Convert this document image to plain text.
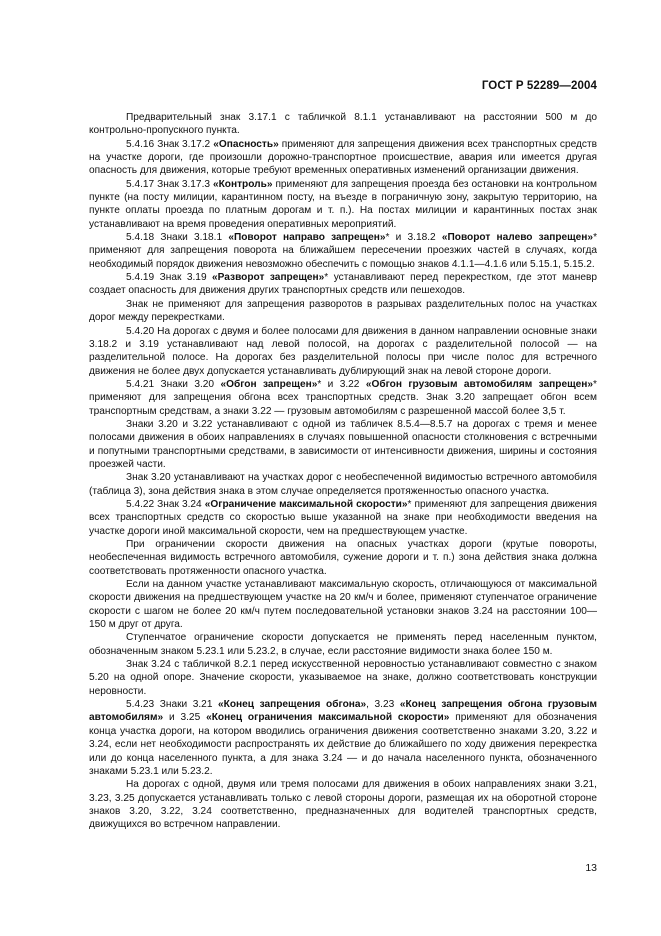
ГОСТ Р 52289—2004

Предварительный знак 3.17.1 с табличкой 8.1.1 устанавливают на расстоянии 500 м до контрольно-пропускного пункта.

5.4.16 Знак 3.17.2 «Опасность» применяют для запрещения движения всех транспортных средств на участке дороги, где произошли дорожно-транспортное происшествие, авария или имеется другая опасность для движения, которые требуют временных оперативных изменений организации движения.

5.4.17 Знак 3.17.3 «Контроль» применяют для запрещения проезда без остановки на контрольном пункте (на посту милиции, карантинном посту, на въезде в пограничную зону, закрытую территорию, на пункте оплаты проезда по платным дорогам и т. п.). На постах милиции и карантинных постах знак устанавливают на время проведения оперативных мероприятий.

5.4.18 Знаки 3.18.1 «Поворот направо запрещен»* и 3.18.2 «Поворот налево запрещен»* применяют для запрещения поворота на ближайшем пересечении проезжих частей в случаях, когда необходимый порядок движения невозможно обеспечить с помощью знаков 4.1.1—4.1.6 или 5.15.1, 5.15.2.

5.4.19 Знак 3.19 «Разворот запрещен»* устанавливают перед перекрестком, где этот маневр создает опасность для движения других транспортных средств или пешеходов.

Знак не применяют для запрещения разворотов в разрывах разделительных полос на участках дорог между перекрестками.

5.4.20 На дорогах с двумя и более полосами для движения в данном направлении основные знаки 3.18.2 и 3.19 устанавливают над левой полосой, на дорогах с разделительной полосой — на разделительной полосе. На дорогах без разделительной полосы при числе полос для встречного движения не более двух допускается устанавливать дублирующий знак на левой стороне дороги.

5.4.21 Знаки 3.20 «Обгон запрещен»* и 3.22 «Обгон грузовым автомобилям запрещен»* применяют для запрещения обгона всех транспортных средств. Знак 3.20 запрещает обгон всем транспортным средствам, а знаки 3.22 — грузовым автомобилям с разрешенной массой более 3,5 т.

Знаки 3.20 и 3.22 устанавливают с одной из табличек 8.5.4—8.5.7 на дорогах с тремя и менее полосами движения в обоих направлениях в случаях повышенной опасности столкновения с встречными и попутными транспортными средствами, в зависимости от интенсивности движения, ширины и состояния проезжей части.

Знак 3.20 устанавливают на участках дорог с необеспеченной видимостью встречного автомобиля (таблица 3), зона действия знака в этом случае определяется протяженностью опасного участка.

5.4.22 Знак 3.24 «Ограничение максимальной скорости»* применяют для запрещения движения всех транспортных средств со скоростью выше указанной на знаке при необходимости введения на участке дороги иной максимальной скорости, чем на предшествующем участке.

При ограничении скорости движения на опасных участках дороги (крутые повороты, необеспеченная видимость встречного автомобиля, сужение дороги и т. п.) зона действия знака должна соответствовать протяженности опасного участка.

Если на данном участке устанавливают максимальную скорость, отличающуюся от максимальной скорости движения на предшествующем участке на 20 км/ч и более, применяют ступенчатое ограничение скорости с шагом не более 20 км/ч путем последовательной установки знаков 3.24 на расстоянии 100—150 м друг от друга.

Ступенчатое ограничение скорости допускается не применять перед населенным пунктом, обозначенным знаком 5.23.1 или 5.23.2, в случае, если расстояние видимости знака более 150 м.

Знак 3.24 с табличкой 8.2.1 перед искусственной неровностью устанавливают совместно с знаком 5.20 на одной опоре. Значение скорости, указываемое на знаке, должно соответствовать конструкции неровности.

5.4.23 Знаки 3.21 «Конец запрещения обгона», 3.23 «Конец запрещения обгона грузовым автомобилям» и 3.25 «Конец ограничения максимальной скорости» применяют для обозначения конца участка дороги, на котором вводились ограничения движения соответственно знаками 3.20, 3.22 и 3.24, если нет необходимости распространять их действие до ближайшего по ходу движения перекрестка или до конца населенного пункта, а для знака 3.24 — и до начала населенного пункта, обозначенного знаками 5.23.1 или 5.23.2.

На дорогах с одной, двумя или тремя полосами для движения в обоих направлениях знаки 3.21, 3.23, 3.25 допускается устанавливать только с левой стороны дороги, размещая их на оборотной стороне знаков 3.20, 3.22, 3.24 соответственно, предназначенных для водителей транспортных средств, движущихся во встречном направлении.

13
